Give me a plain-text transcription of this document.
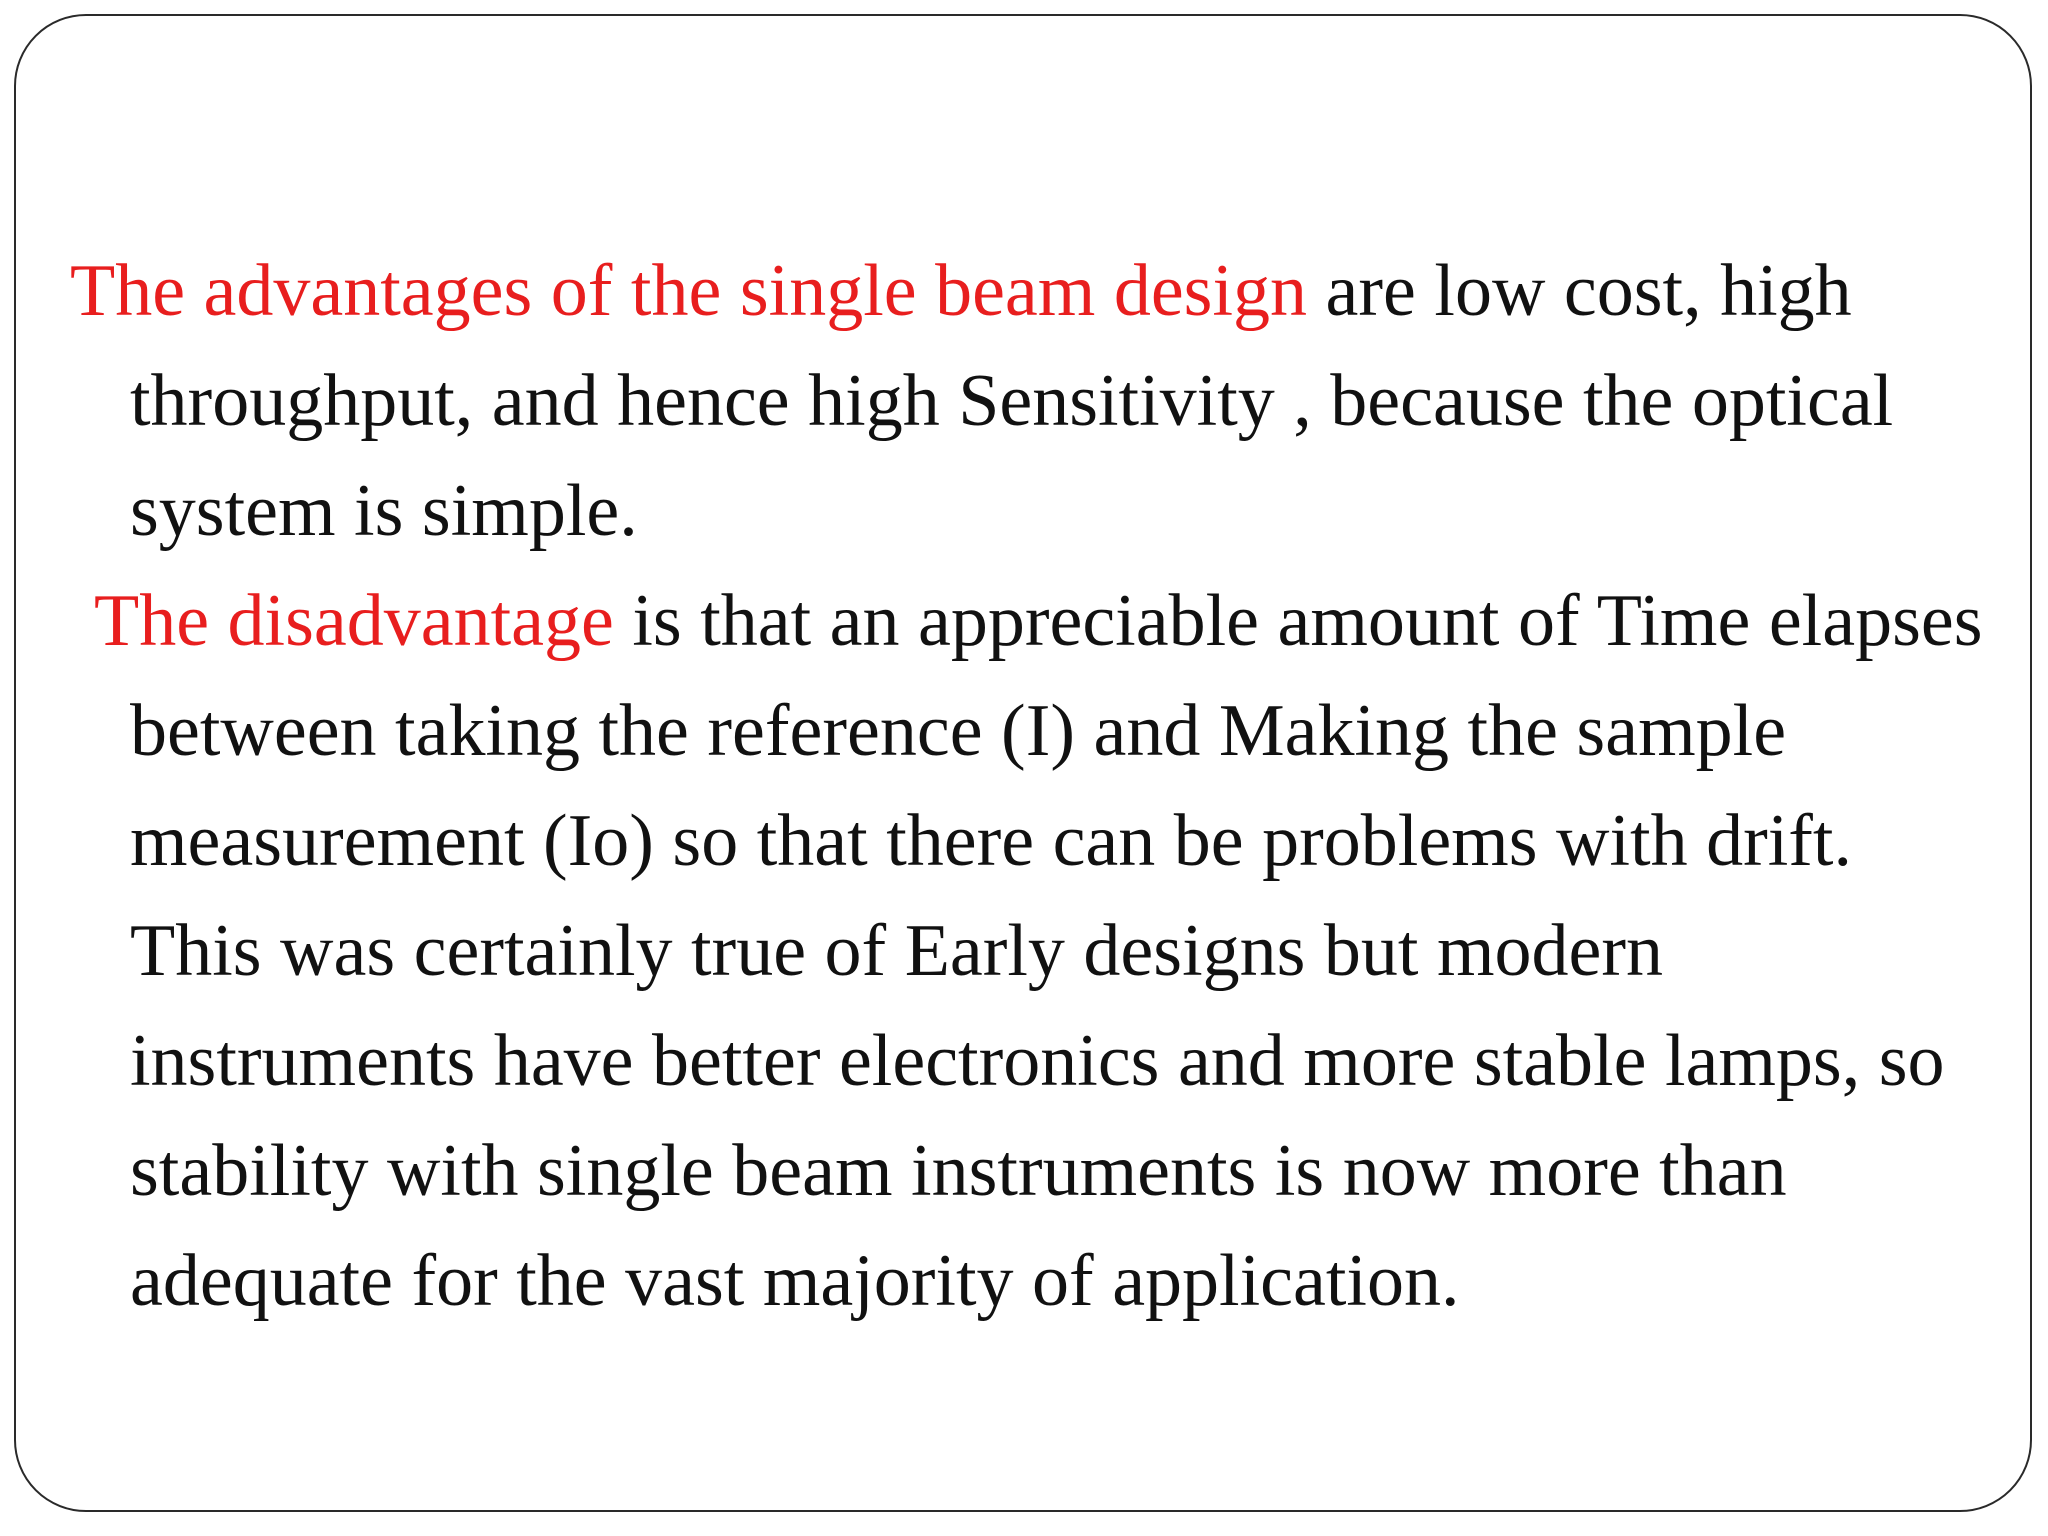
The advantages of the single beam design are low cost, high throughput, and hence high Sensitivity , because the optical system is simple.

The disadvantage is that an appreciable amount of Time elapses between taking the reference (I) and Making the sample measurement (Io) so that there can be problems with drift. This was certainly true of Early designs but modern instruments have better electronics and more stable lamps, so stability with single beam instruments is now more than adequate for the vast majority of application.
